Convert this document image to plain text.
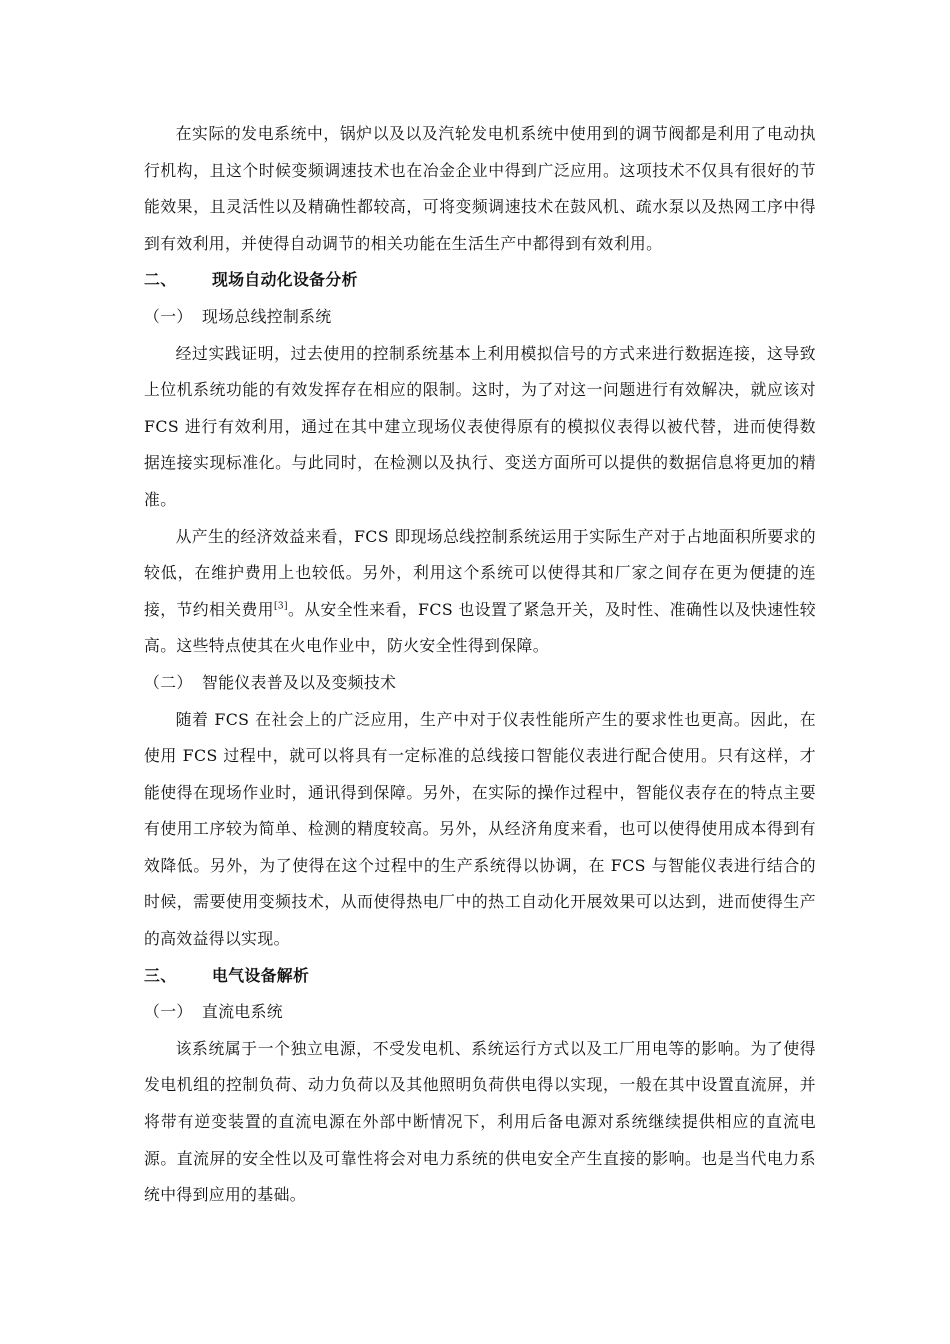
在实际的发电系统中，锅炉以及以及汽轮发电机系统中使用到的调节阀都是利用了电动执行机构，且这个时候变频调速技术也在冶金企业中得到广泛应用。这项技术不仅具有很好的节能效果，且灵活性以及精确性都较高，可将变频调速技术在鼓风机、疏水泵以及热网工序中得到有效利用，并使得自动调节的相关功能在生活生产中都得到有效利用。

二、	现场自动化设备分析
（一） 现场总线控制系统

经过实践证明，过去使用的控制系统基本上利用模拟信号的方式来进行数据连接，这导致上位机系统功能的有效发挥存在相应的限制。这时，为了对这一问题进行有效解决，就应该对 FCS 进行有效利用，通过在其中建立现场仪表使得原有的模拟仪表得以被代替，进而使得数据连接实现标准化。与此同时，在检测以及执行、变送方面所可以提供的数据信息将更加的精准。

从产生的经济效益来看，FCS 即现场总线控制系统运用于实际生产对于占地面积所要求的较低，在维护费用上也较低。另外，利用这个系统可以使得其和厂家之间存在更为便捷的连接，节约相关费用[3]。从安全性来看，FCS 也设置了紧急开关，及时性、准确性以及快速性较高。这些特点使其在火电作业中，防火安全性得到保障。

（二） 智能仪表普及以及变频技术

随着 FCS 在社会上的广泛应用，生产中对于仪表性能所产生的要求性也更高。因此，在使用 FCS 过程中，就可以将具有一定标准的总线接口智能仪表进行配合使用。只有这样，才能使得在现场作业时，通讯得到保障。另外，在实际的操作过程中，智能仪表存在的特点主要有使用工序较为简单、检测的精度较高。另外，从经济角度来看，也可以使得使用成本得到有效降低。另外，为了使得在这个过程中的生产系统得以协调，在 FCS 与智能仪表进行结合的时候，需要使用变频技术，从而使得热电厂中的热工自动化开展效果可以达到，进而使得生产的高效益得以实现。

三、	电气设备解析
（一） 直流电系统

该系统属于一个独立电源，不受发电机、系统运行方式以及工厂用电等的影响。为了使得发电机组的控制负荷、动力负荷以及其他照明负荷供电得以实现，一般在其中设置直流屏，并将带有逆变装置的直流电源在外部中断情况下，利用后备电源对系统继续提供相应的直流电源。直流屏的安全性以及可靠性将会对电力系统的供电安全产生直接的影响。也是当代电力系统中得到应用的基础。
